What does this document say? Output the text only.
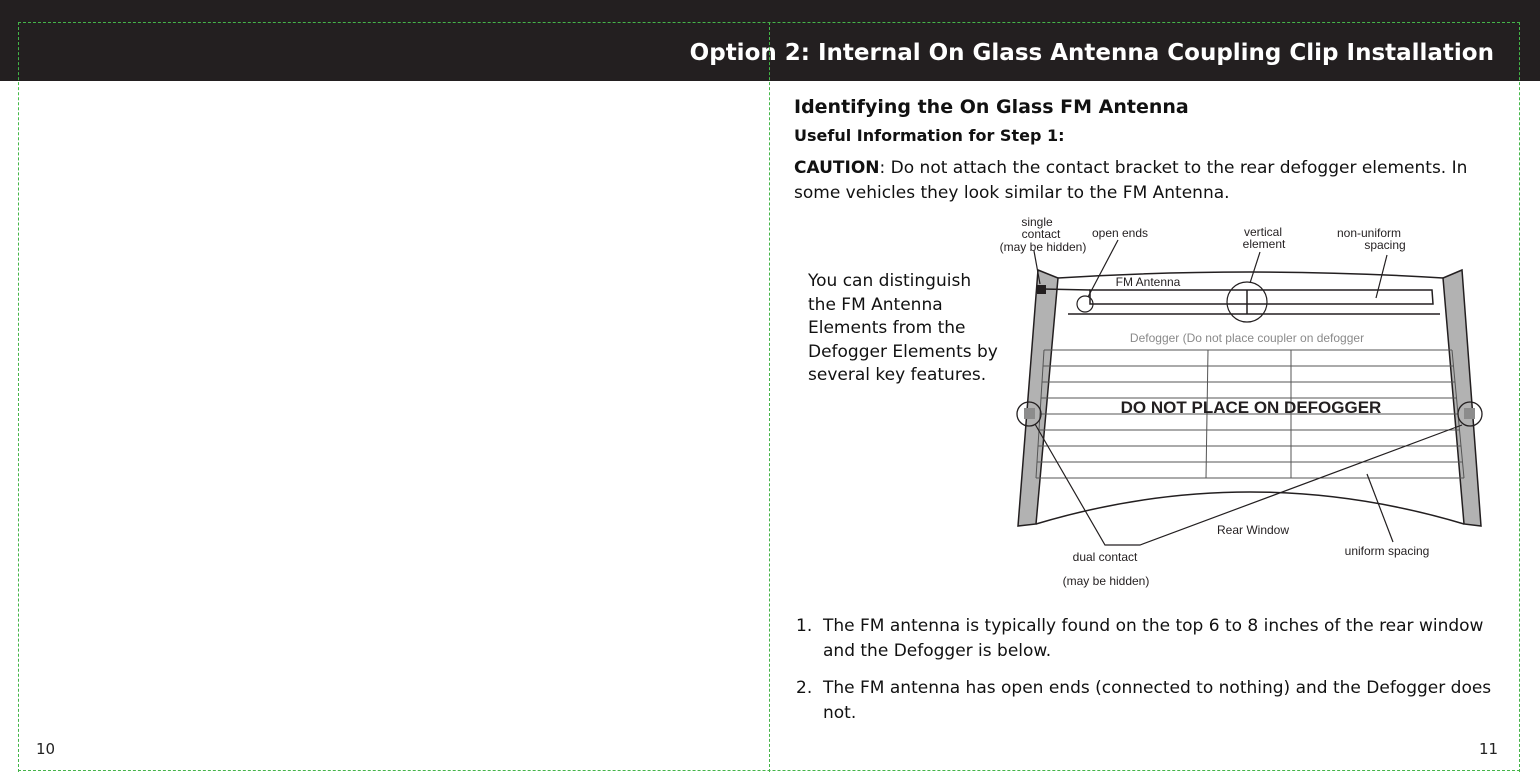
Option 2: Internal On Glass Antenna Coupling Clip Installation
10	11
Identifying the On Glass FM Antenna
Useful Information for Step 1:
CAUTION: Do not attach the contact bracket to the rear defogger elements. In some vehicles they look similar to the FM Antenna.
You can distinguish the FM Antenna Elements from the Defogger Elements by several key features.
single
contact
(may be hidden)
open ends	vertical
element
non-uniform
spacing
FM Antenna
Defogger (Do not place coupler on defogger
Rear Window
uniform spacing
dual contact
(may be hidden)
DO NOT PLACE ON DEFOGGER
1. The FM antenna is typically found on the top 6 to 8 inches of the rear window and the Defogger is below.
2. The FM antenna has open ends (connected to nothing) and the Defogger does not.
